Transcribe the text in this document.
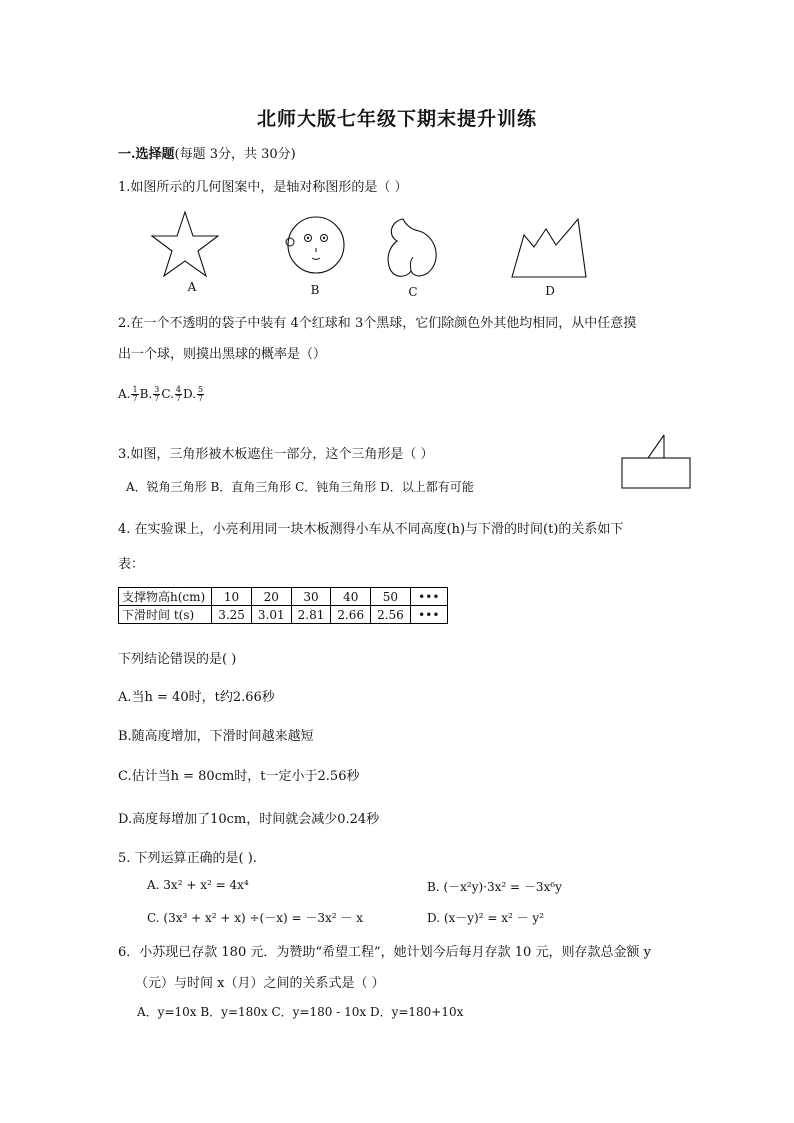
北师大版七年级下期末提升训练
一.选择题(每题 3分，共 30分)
1.如图所示的几何图案中，是轴对称图形的是（ ）
A	B	C	D
2.在一个不透明的袋子中装有 4个红球和 3个黑球，它们除颜色外其他均相同，从中任意摸
出一个球，则摸出黑球的概率是（）
A. $\frac{1}{7} B$. $\frac{3}{7} C$. $\frac{4}{7} D$. $\frac{5}{7}$
3.如图，三角形被木板遮住一部分，这个三角形是（ ）
A．锐角三角形 B．直角三角形 C．钝角三角形 D．以上都有可能
4. 在实验课上，小亮利用同一块木板测得小车从不同高度(h)与下滑的时间(t)的关系如下
表：
支撑物高h(cm)	10	20	30	40	50	•••
下滑时间 t(s)	3.25	3.01	2.81	2.66	2.56	•••
下列结论错误的是( )
A.当h = 40时，t约2.66秒
B.随高度增加，下滑时间越来越短
C.估计当h = 80cm时，t一定小于2.56秒
D.高度每增加了10cm，时间就会减少0.24秒
5. 下列运算正确的是( ).
A. 3x² + x² = 4x⁴	B. (－x²y)·3x² = －3x⁶y
C. (3x³ + x² + x) ÷(－x) = －3x² － x	D. (x－y)² = x² － y²
6．小苏现已存款 180 元．为赞助“希望工程”，她计划今后每月存款 10 元，则存款总金额 y
（元）与时间 x（月）之间的关系式是（ ）
A．y=10x B．y=180x C．y=180 - 10x D．y=180+10x
